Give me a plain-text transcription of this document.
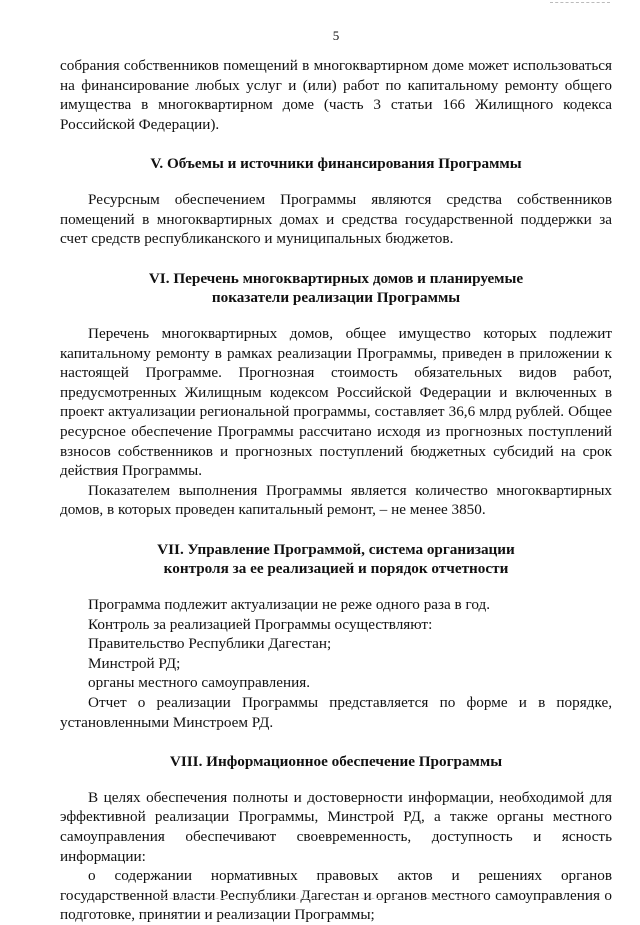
5

собрания собственников помещений в многоквартирном доме может использоваться на финансирование любых услуг и (или) работ по капитальному ремонту общего имущества в многоквартирном доме (часть 3 статьи 166 Жилищного кодекса Российской Федерации).

V. Объемы и источники финансирования Программы

Ресурсным обеспечением Программы являются средства собственников помещений в многоквартирных домах и средства государственной поддержки за счет средств республиканского и муниципальных бюджетов.

VI. Перечень многоквартирных домов и планируемые
показатели реализации Программы

Перечень многоквартирных домов, общее имущество которых подлежит капитальному ремонту в рамках реализации Программы, приведен в приложении к настоящей Программе. Прогнозная стоимость обязательных видов работ, предусмотренных Жилищным кодексом Российской Федерации и включенных в проект актуализации региональной программы, составляет 36,6 млрд рублей. Общее ресурсное обеспечение Программы рассчитано исходя из прогнозных поступлений взносов собственников и прогнозных поступлений бюджетных субсидий на срок действия Программы.

Показателем выполнения Программы является количество многоквартирных домов, в которых проведен капитальный ремонт, – не менее 3850.

VII. Управление Программой, система организации
контроля за ее реализацией и порядок отчетности
Программа подлежит актуализации не реже одного раза в год.
Контроль за реализацией Программы осуществляют:
Правительство Республики Дагестан;
Минстрой РД;
органы местного самоуправления.

Отчет о реализации Программы представляется по форме и в порядке, установленными Минстроем РД.

VIII. Информационное обеспечение Программы

В целях обеспечения полноты и достоверности информации, необходимой для эффективной реализации Программы, Минстрой РД, а также органы местного самоуправления обеспечивают своевременность, доступность и ясность информации:

о содержании нормативных правовых актов и решениях органов государственной власти Республики Дагестан и органов местного самоуправления о подготовке, принятии и реализации Программы;
